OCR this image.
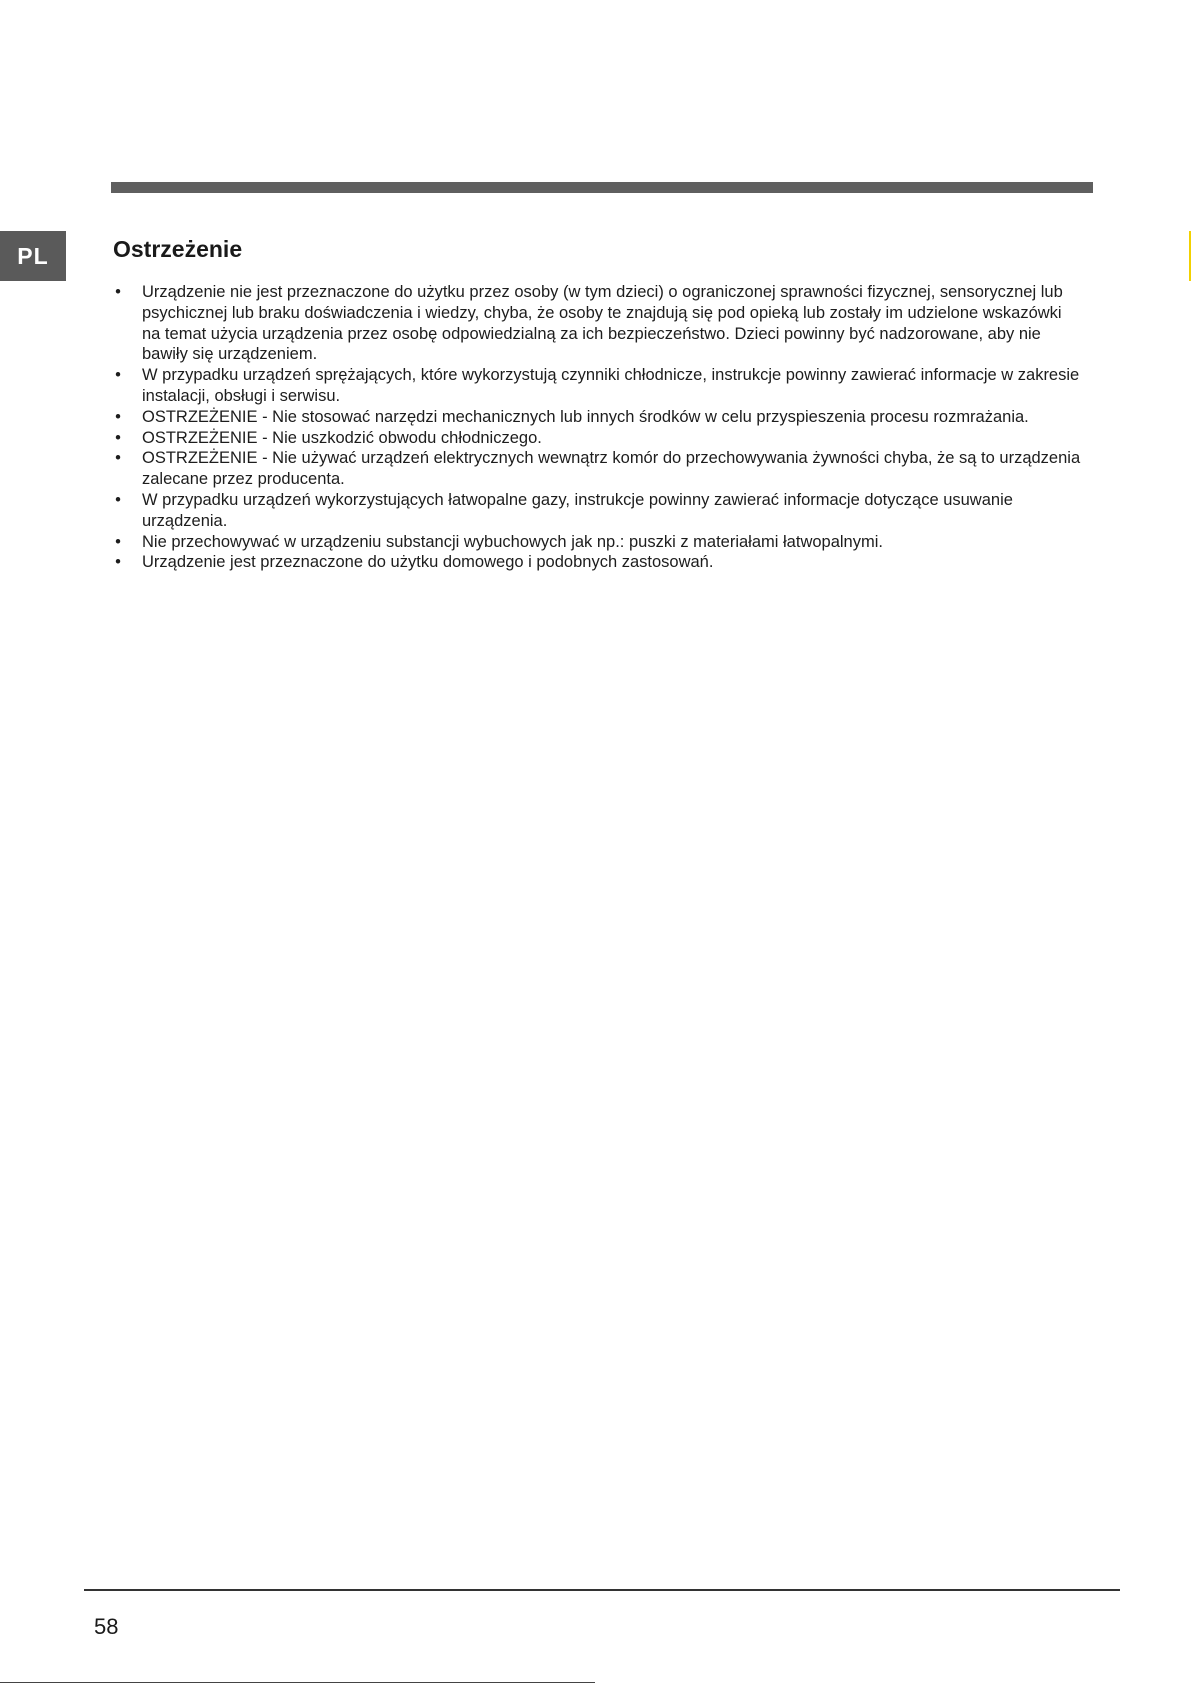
PL	Ostrzeżenie
• Urządzenie nie jest przeznaczone do użytku przez osoby (w tym dzieci) o ograniczonej sprawności fizycznej, sensorycznej lub psychicznej lub braku doświadczenia i wiedzy, chyba, że osoby te znajdują się pod opieką lub zostały im udzielone wskazówki na temat użycia urządzenia przez osobę odpowiedzialną za ich bezpieczeństwo. Dzieci powinny być nadzorowane, aby nie bawiły się urządzeniem.
• W przypadku urządzeń sprężających, które wykorzystują czynniki chłodnicze, instrukcje powinny zawierać informacje w zakresie instalacji, obsługi i serwisu.
• OSTRZEŻENIE - Nie stosować narzędzi mechanicznych lub innych środków w celu przyspieszenia procesu rozmrażania.
• OSTRZEŻENIE - Nie uszkodzić obwodu chłodniczego.
• OSTRZEŻENIE - Nie używać urządzeń elektrycznych wewnątrz komór do przechowywania żywności chyba, że są to urządzenia zalecane przez producenta.
• W przypadku urządzeń wykorzystujących łatwopalne gazy, instrukcje powinny zawierać informacje dotyczące usuwanie urządzenia.
• Nie przechowywać w urządzeniu substancji wybuchowych jak np.: puszki z materiałami łatwopalnymi.
• Urządzenie jest przeznaczone do użytku domowego i podobnych zastosowań.
58
